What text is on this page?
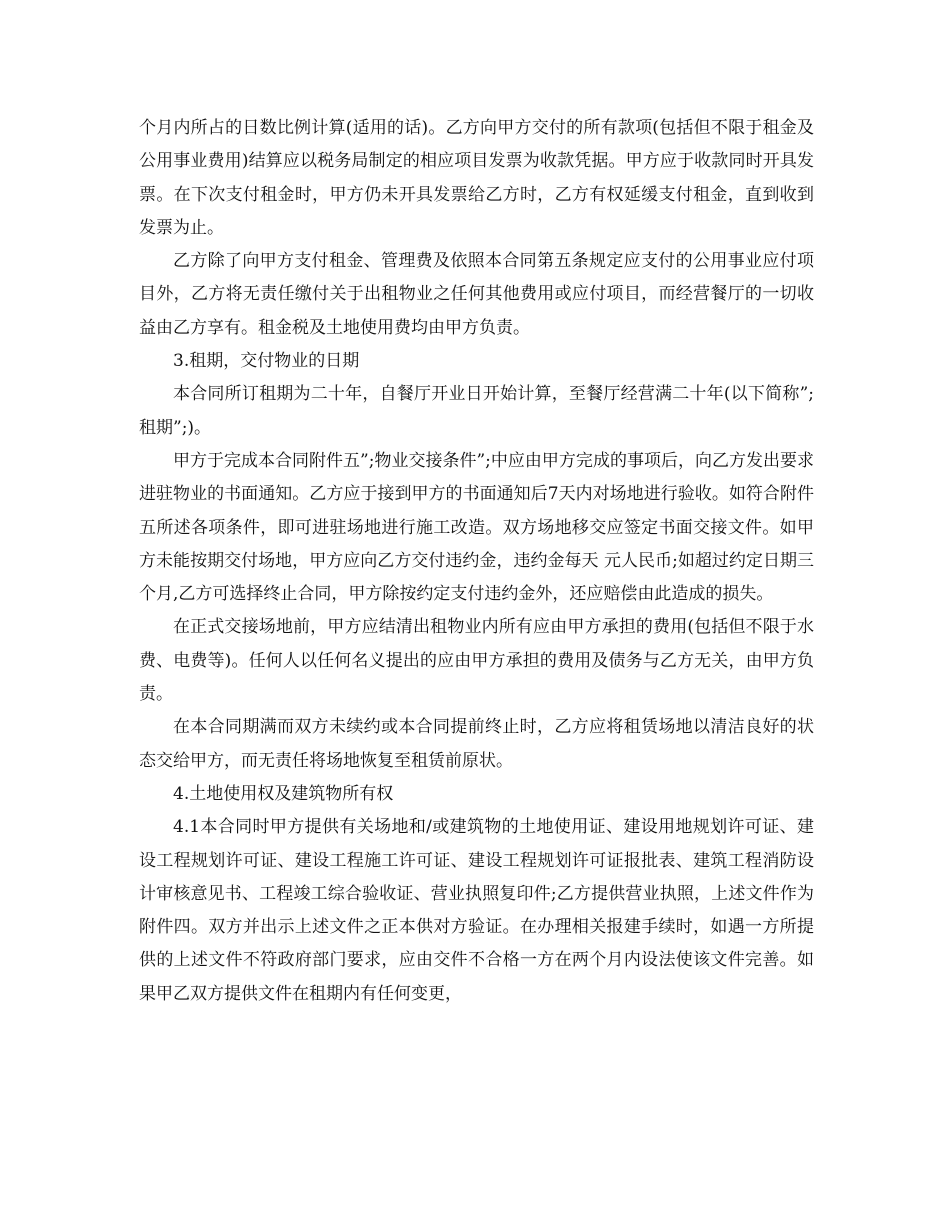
个月内所占的日数比例计算(适用的话)。乙方向甲方交付的所有款项(包括但不限于租金及公用事业费用)结算应以税务局制定的相应项目发票为收款凭据。甲方应于收款同时开具发票。在下次支付租金时，甲方仍未开具发票给乙方时，乙方有权延缓支付租金，直到收到发票为止。

乙方除了向甲方支付租金、管理费及依照本合同第五条规定应支付的公用事业应付项目外，乙方将无责任缴付关于出租物业之任何其他费用或应付项目，而经营餐厅的一切收益由乙方享有。租金税及土地使用费均由甲方负责。

3.租期，交付物业的日期

本合同所订租期为二十年，自餐厅开业日开始计算，至餐厅经营满二十年(以下简称”;租期”;)。

甲方于完成本合同附件五”;物业交接条件”;中应由甲方完成的事项后，向乙方发出要求进驻物业的书面通知。乙方应于接到甲方的书面通知后7天内对场地进行验收。如符合附件五所述各项条件，即可进驻场地进行施工改造。双方场地移交应签定书面交接文件。如甲方未能按期交付场地，甲方应向乙方交付违约金，违约金每天 元人民币;如超过约定日期三个月,乙方可选择终止合同，甲方除按约定支付违约金外，还应赔偿由此造成的损失。

在正式交接场地前，甲方应结清出租物业内所有应由甲方承担的费用(包括但不限于水费、电费等)。任何人以任何名义提出的应由甲方承担的费用及债务与乙方无关，由甲方负责。

在本合同期满而双方未续约或本合同提前终止时，乙方应将租赁场地以清洁良好的状态交给甲方，而无责任将场地恢复至租赁前原状。

4.土地使用权及建筑物所有权

4.1本合同时甲方提供有关场地和/或建筑物的土地使用证、建设用地规划许可证、建设工程规划许可证、建设工程施工许可证、建设工程规划许可证报批表、建筑工程消防设计审核意见书、工程竣工综合验收证、营业执照复印件;乙方提供营业执照，上述文件作为附件四。双方并出示上述文件之正本供对方验证。在办理相关报建手续时，如遇一方所提供的上述文件不符政府部门要求，应由交件不合格一方在两个月内设法使该文件完善。如果甲乙双方提供文件在租期内有任何变更，
